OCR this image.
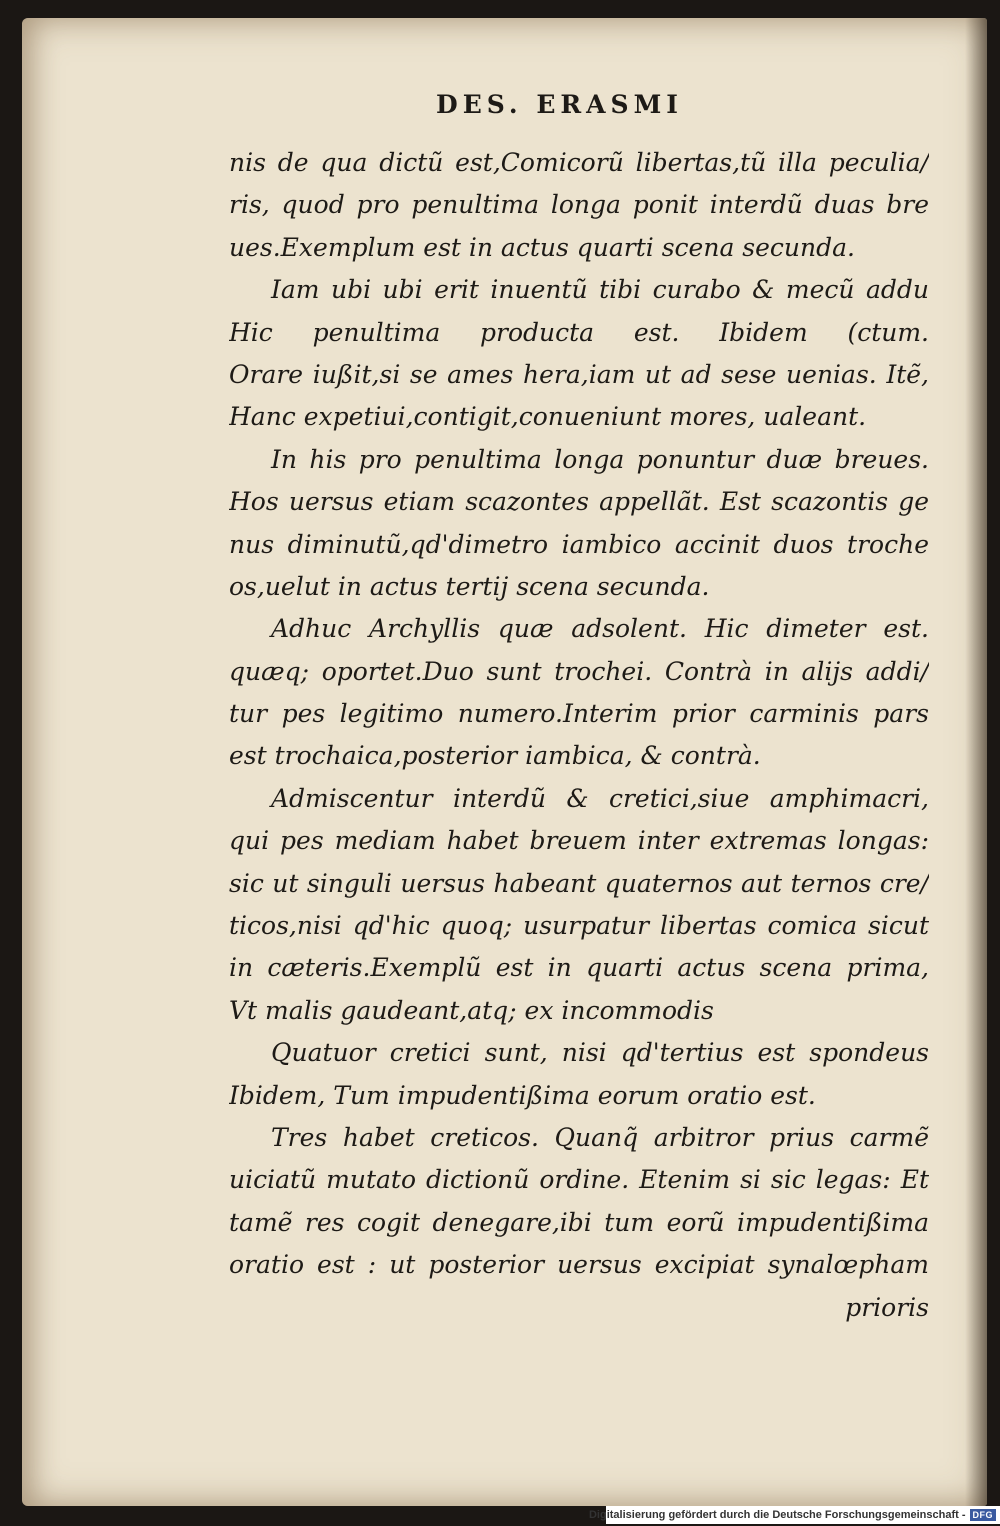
DES. ERASMI
nis de qua dictũ est,Comicorũ libertas,tũ illa peculia/
ris, quod pro penultima longa ponit interdũ duas bre
ues.Exemplum est in actus quarti scena secunda.
Iam ubi ubi erit inuentũ tibi curabo & mecũ addu
Hic penultima producta est. Ibidem (ctum.
Orare iußit,si se ames hera,iam ut ad sese uenias. Itẽ,
Hanc expetiui,contigit,conueniunt mores, ualeant.
In his pro penultima longa ponuntur duæ breues.
Hos uersus etiam scazontes appellãt. Est scazontis ge
nus diminutũ,qd'dimetro iambico accinit duos troche
os,uelut in actus tertij scena secunda.
Adhuc Archyllis quæ adsolent. Hic dimeter est.
quæq; oportet.Duo sunt trochei. Contrà in alijs addi/
tur pes legitimo numero.Interim prior carminis pars
est trochaica,posterior iambica, & contrà.
Admiscentur interdũ & cretici,siue amphimacri,
qui pes mediam habet breuem inter extremas longas:
sic ut singuli uersus habeant quaternos aut ternos cre/
ticos,nisi qd'hic quoq; usurpatur libertas comica sicut
in cæteris.Exemplũ est in quarti actus scena prima,
Vt malis gaudeant,atq; ex incommodis
Quatuor cretici sunt, nisi qd'tertius est spondeus
Ibidem, Tum impudentißima eorum oratio est.
Tres habet creticos. Quanq̃ arbitror prius carmẽ
uiciatũ mutato dictionũ ordine. Etenim si sic legas: Et
tamẽ res cogit denegare,ibi tum eorũ impudentißima
oratio est : ut posterior uersus excipiat synalœpham
prioris
Digitalisierung gefördert durch die Deutsche Forschungsgemeinschaft - DFG
